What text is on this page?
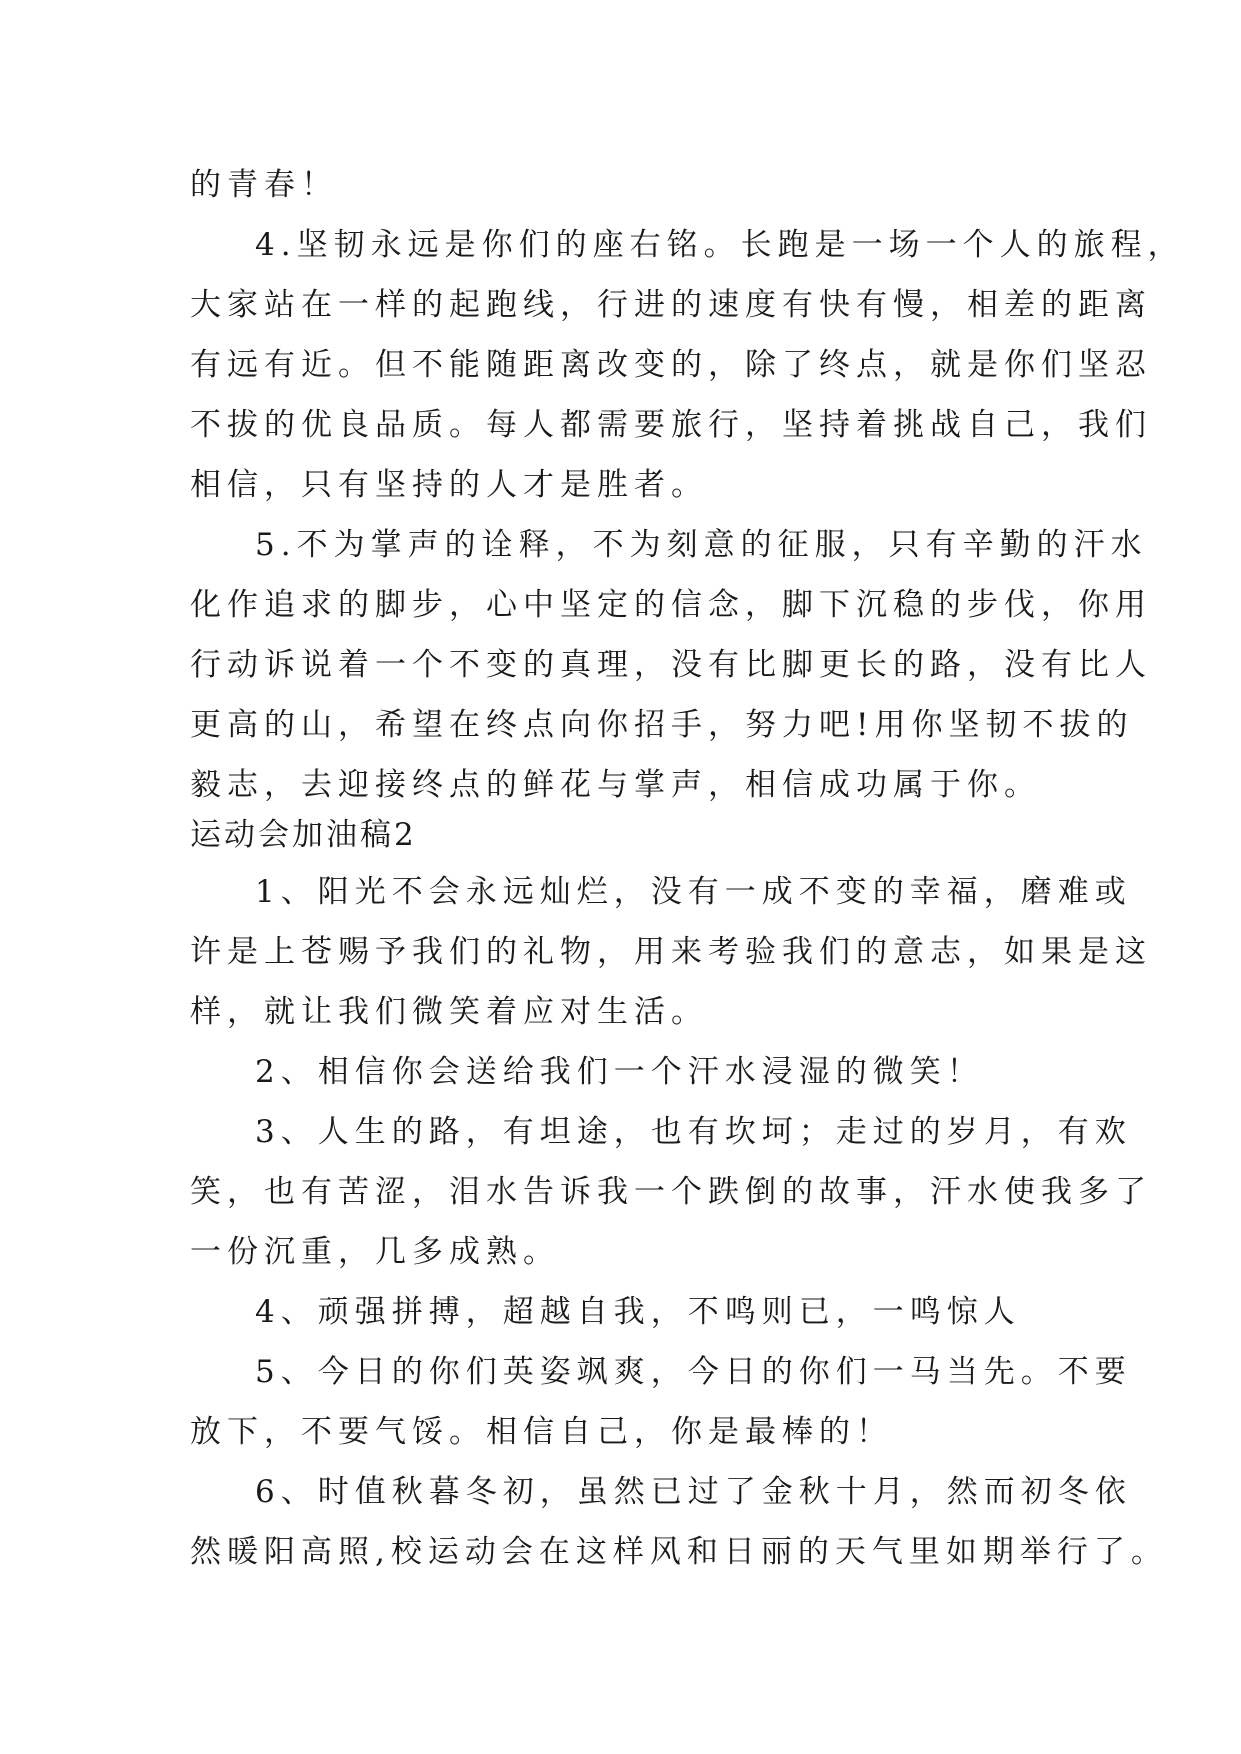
的青春！
4.坚韧永远是你们的座右铭。长跑是一场一个人的旅程，
大家站在一样的起跑线，行进的速度有快有慢，相差的距离
有远有近。但不能随距离改变的，除了终点，就是你们坚忍
不拔的优良品质。每人都需要旅行，坚持着挑战自己，我们
相信，只有坚持的人才是胜者。
5.不为掌声的诠释，不为刻意的征服，只有辛勤的汗水
化作追求的脚步，心中坚定的信念，脚下沉稳的步伐，你用
行动诉说着一个不变的真理，没有比脚更长的路，没有比人
更高的山，希望在终点向你招手，努力吧!用你坚韧不拔的
毅志，去迎接终点的鲜花与掌声，相信成功属于你。
运动会加油稿2
1、阳光不会永远灿烂，没有一成不变的幸福，磨难或
许是上苍赐予我们的礼物，用来考验我们的意志，如果是这
样，就让我们微笑着应对生活。
2、相信你会送给我们一个汗水浸湿的微笑！
3、人生的路，有坦途，也有坎坷；走过的岁月，有欢
笑，也有苦涩，泪水告诉我一个跌倒的故事，汗水使我多了
一份沉重，几多成熟。
4、顽强拼搏，超越自我，不鸣则已，一鸣惊人
5、今日的你们英姿飒爽，今日的你们一马当先。不要
放下，不要气馁。相信自己，你是最棒的！
6、时值秋暮冬初，虽然已过了金秋十月，然而初冬依
然暖阳高照,校运动会在这样风和日丽的天气里如期举行了。
